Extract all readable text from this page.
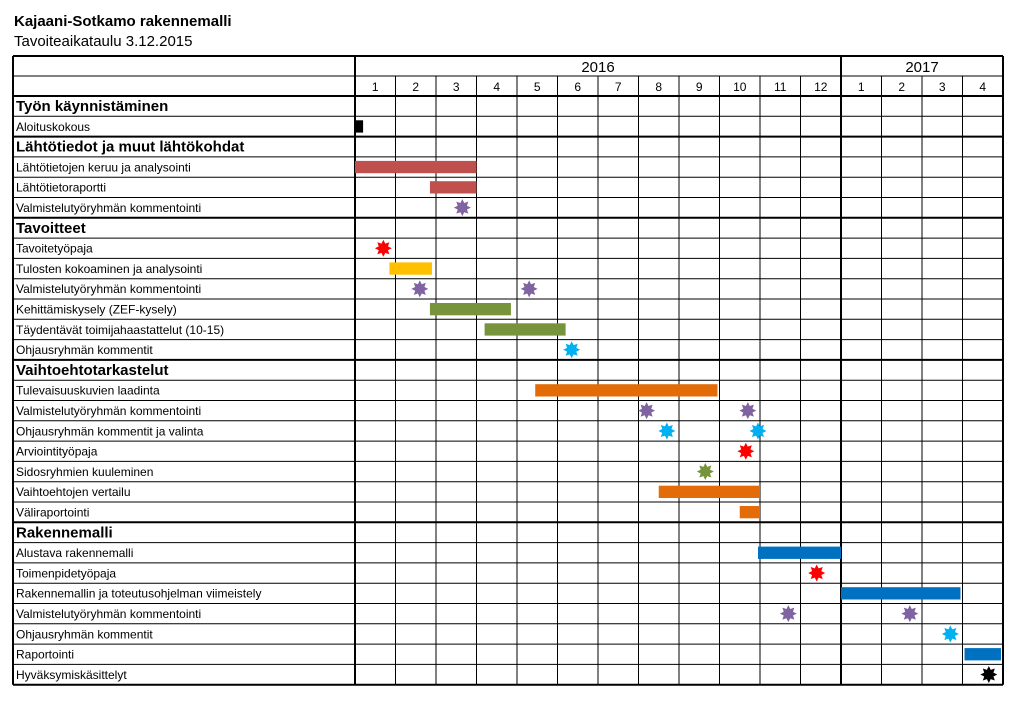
Kajaani-Sotkamo rakennemalli
Tavoiteaikataulu 3.12.2015
2016	2017
1	2	3	4	5	6	7	8	9	10 11 12	1	2	3	4
Työn käynnistäminen
Aloituskokous
Lähtötiedot ja muut lähtökohdat
Lähtötietojen keruu ja analysointi
Lähtötietoraportti
Valmistelutyöryhmän kommentointi
Tavoitteet
Tavoitetyöpaja
Tulosten kokoaminen ja analysointi
Valmistelutyöryhmän kommentointi
Kehittämiskysely (ZEF-kysely)
Täydentävät toimijahaastattelut (10-15)
Ohjausryhmän kommentit
Vaihtoehtotarkastelut
Tulevaisuuskuvien laadinta
Valmistelutyöryhmän kommentointi
Ohjausryhmän kommentit ja valinta
Arviointityöpaja
Sidosryhmien kuuleminen
Vaihtoehtojen vertailu
Väliraportointi
Rakennemalli
Alustava rakennemalli
Toimenpidetyöpaja
Rakennemallin ja toteutusohjelman viimeistely
Valmistelutyöryhmän kommentointi
Ohjausryhmän kommentit
Raportointi
Hyväksymiskäsittelyt
